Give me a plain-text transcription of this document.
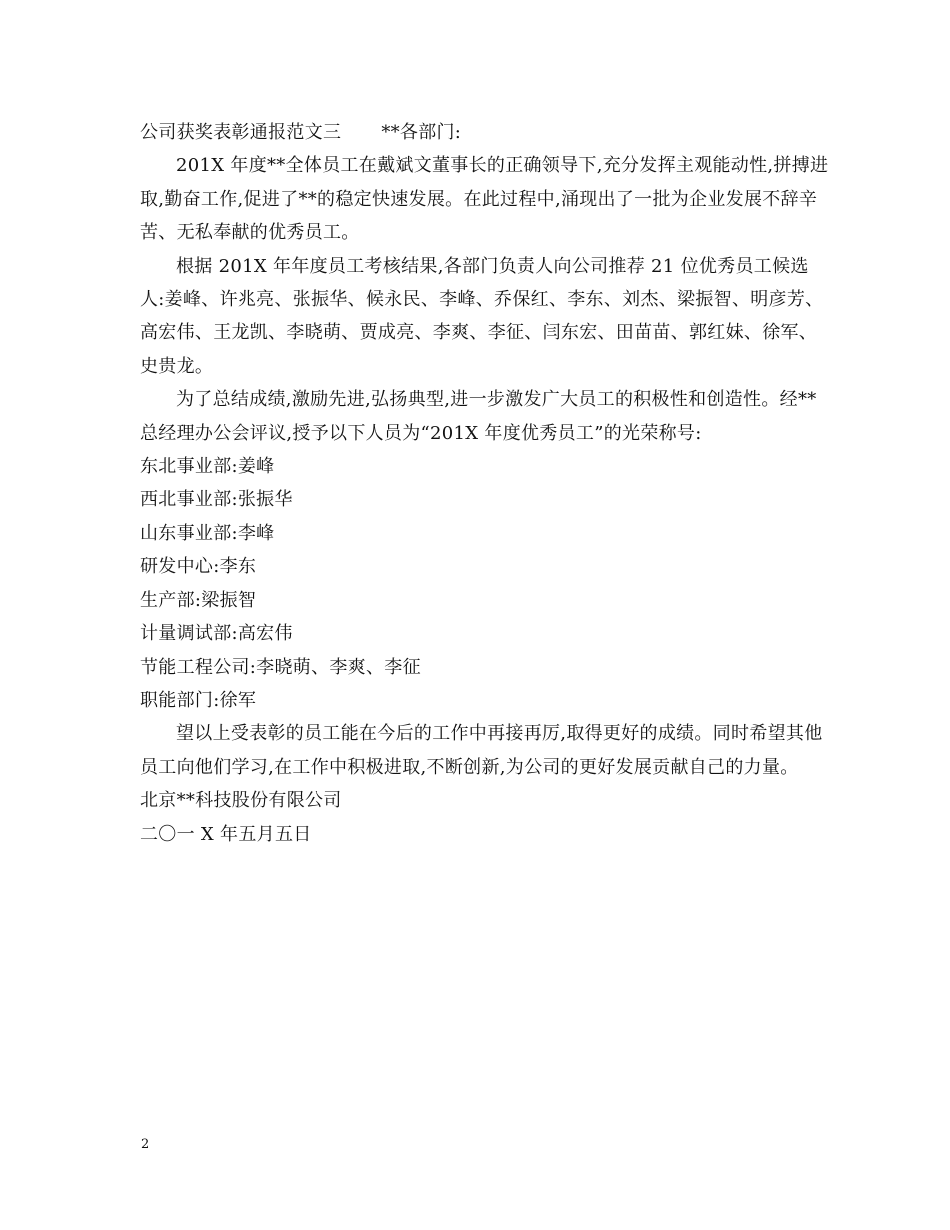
公司获奖表彰通报范文三 **各部门:

201X 年度**全体员工在戴斌文董事长的正确领导下,充分发挥主观能动性,拼搏进取,勤奋工作,促进了**的稳定快速发展。在此过程中,涌现出了一批为企业发展不辞辛苦、无私奉献的优秀员工。

根据 201X 年年度员工考核结果,各部门负责人向公司推荐 21 位优秀员工候选人:姜峰、许兆亮、张振华、候永民、李峰、乔保红、李东、刘杰、梁振智、明彦芳、高宏伟、王龙凯、李晓萌、贾成亮、李爽、李征、闫东宏、田苗苗、郭红妹、徐军、史贵龙。

为了总结成绩,激励先进,弘扬典型,进一步激发广大员工的积极性和创造性。经**总经理办公会评议,授予以下人员为“201X 年度优秀员工”的光荣称号:

东北事业部:姜峰

西北事业部:张振华

山东事业部:李峰

研发中心:李东

生产部:梁振智

计量调试部:高宏伟

节能工程公司:李晓萌、李爽、李征

职能部门:徐军

望以上受表彰的员工能在今后的工作中再接再厉,取得更好的成绩。同时希望其他员工向他们学习,在工作中积极进取,不断创新,为公司的更好发展贡献自己的力量。

北京**科技股份有限公司

二〇一 X 年五月五日

2
